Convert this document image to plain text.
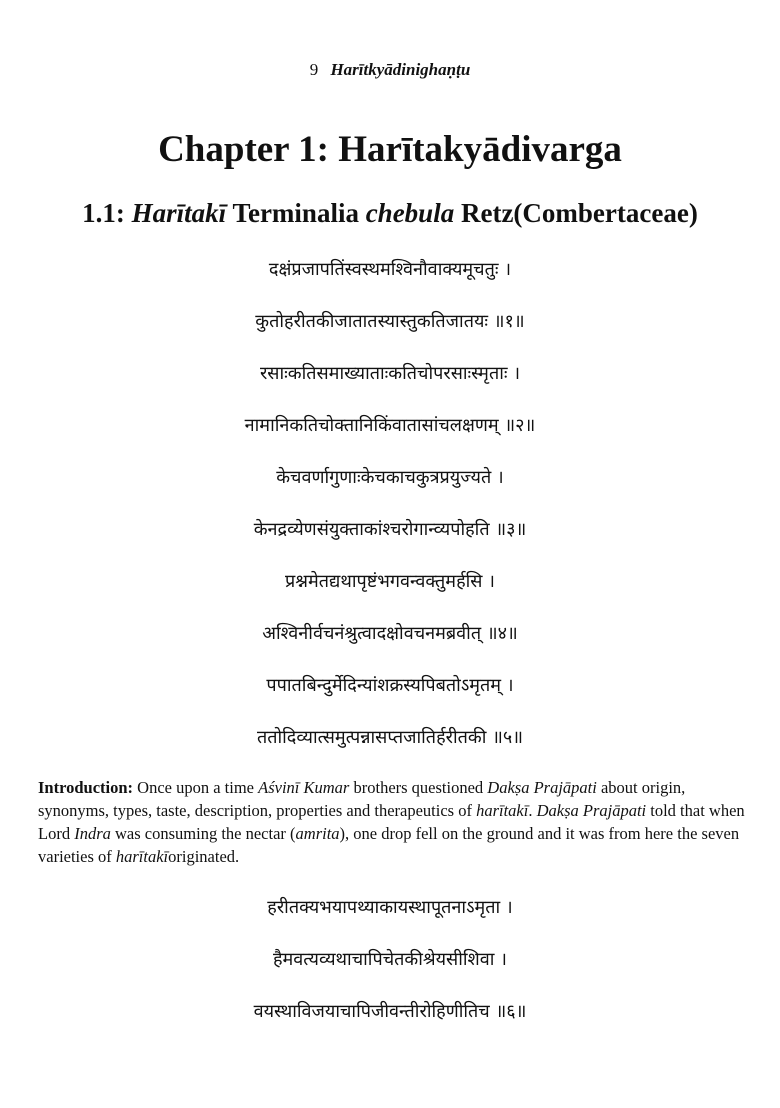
9 Harītkyādinighaṇṭu
Chapter 1: Harītakyādivarga
1.1: Harītakī Terminalia chebula Retz(Combertaceae)
दक्षंप्रजापतिंस्वस्थमश्विनौवाक्यमूचतुः ।
कुतोहरीतकीजातातस्यास्तुकतिजातयः ॥१॥
रसाःकतिसमाख्याताःकतिचोपरसाःस्मृताः ।
नामानिकतिचोक्तानिकिंवातासांचलक्षणम् ॥२॥
केचवर्णागुणाःकेचकाचकुत्रप्रयुज्यते ।
केनद्रव्येणसंयुक्ताकांश्चरोगान्व्यपोहति ॥३॥
प्रश्नमेतद्यथापृष्टंभगवन्वक्तुमर्हसि ।
अश्विनीर्वचनंश्रुत्वादक्षोवचनमब्रवीत् ॥४॥
पपातबिन्दुर्मेदिन्यांशक्रस्यपिबतोऽमृतम् ।
ततोदिव्यात्समुत्पन्नासप्तजातिर्हरीतकी ॥५॥

Introduction: Once upon a time Aśvinī Kumar brothers questioned Dakṣa Prajāpati about origin, synonyms, types, taste, description, properties and therapeutics of harītakī. Dakṣa Prajāpati told that when Lord Indra was consuming the nectar (amrita), one drop fell on the ground and it was from here the seven varieties of harītakīoriginated.

हरीतक्यभयापथ्याकायस्थापूतनाऽमृता ।
हैमवत्यव्यथाचापिचेतकीश्रेयसीशिवा ।
वयस्थाविजयाचापिजीवन्तीरोहिणीतिच ॥६॥
